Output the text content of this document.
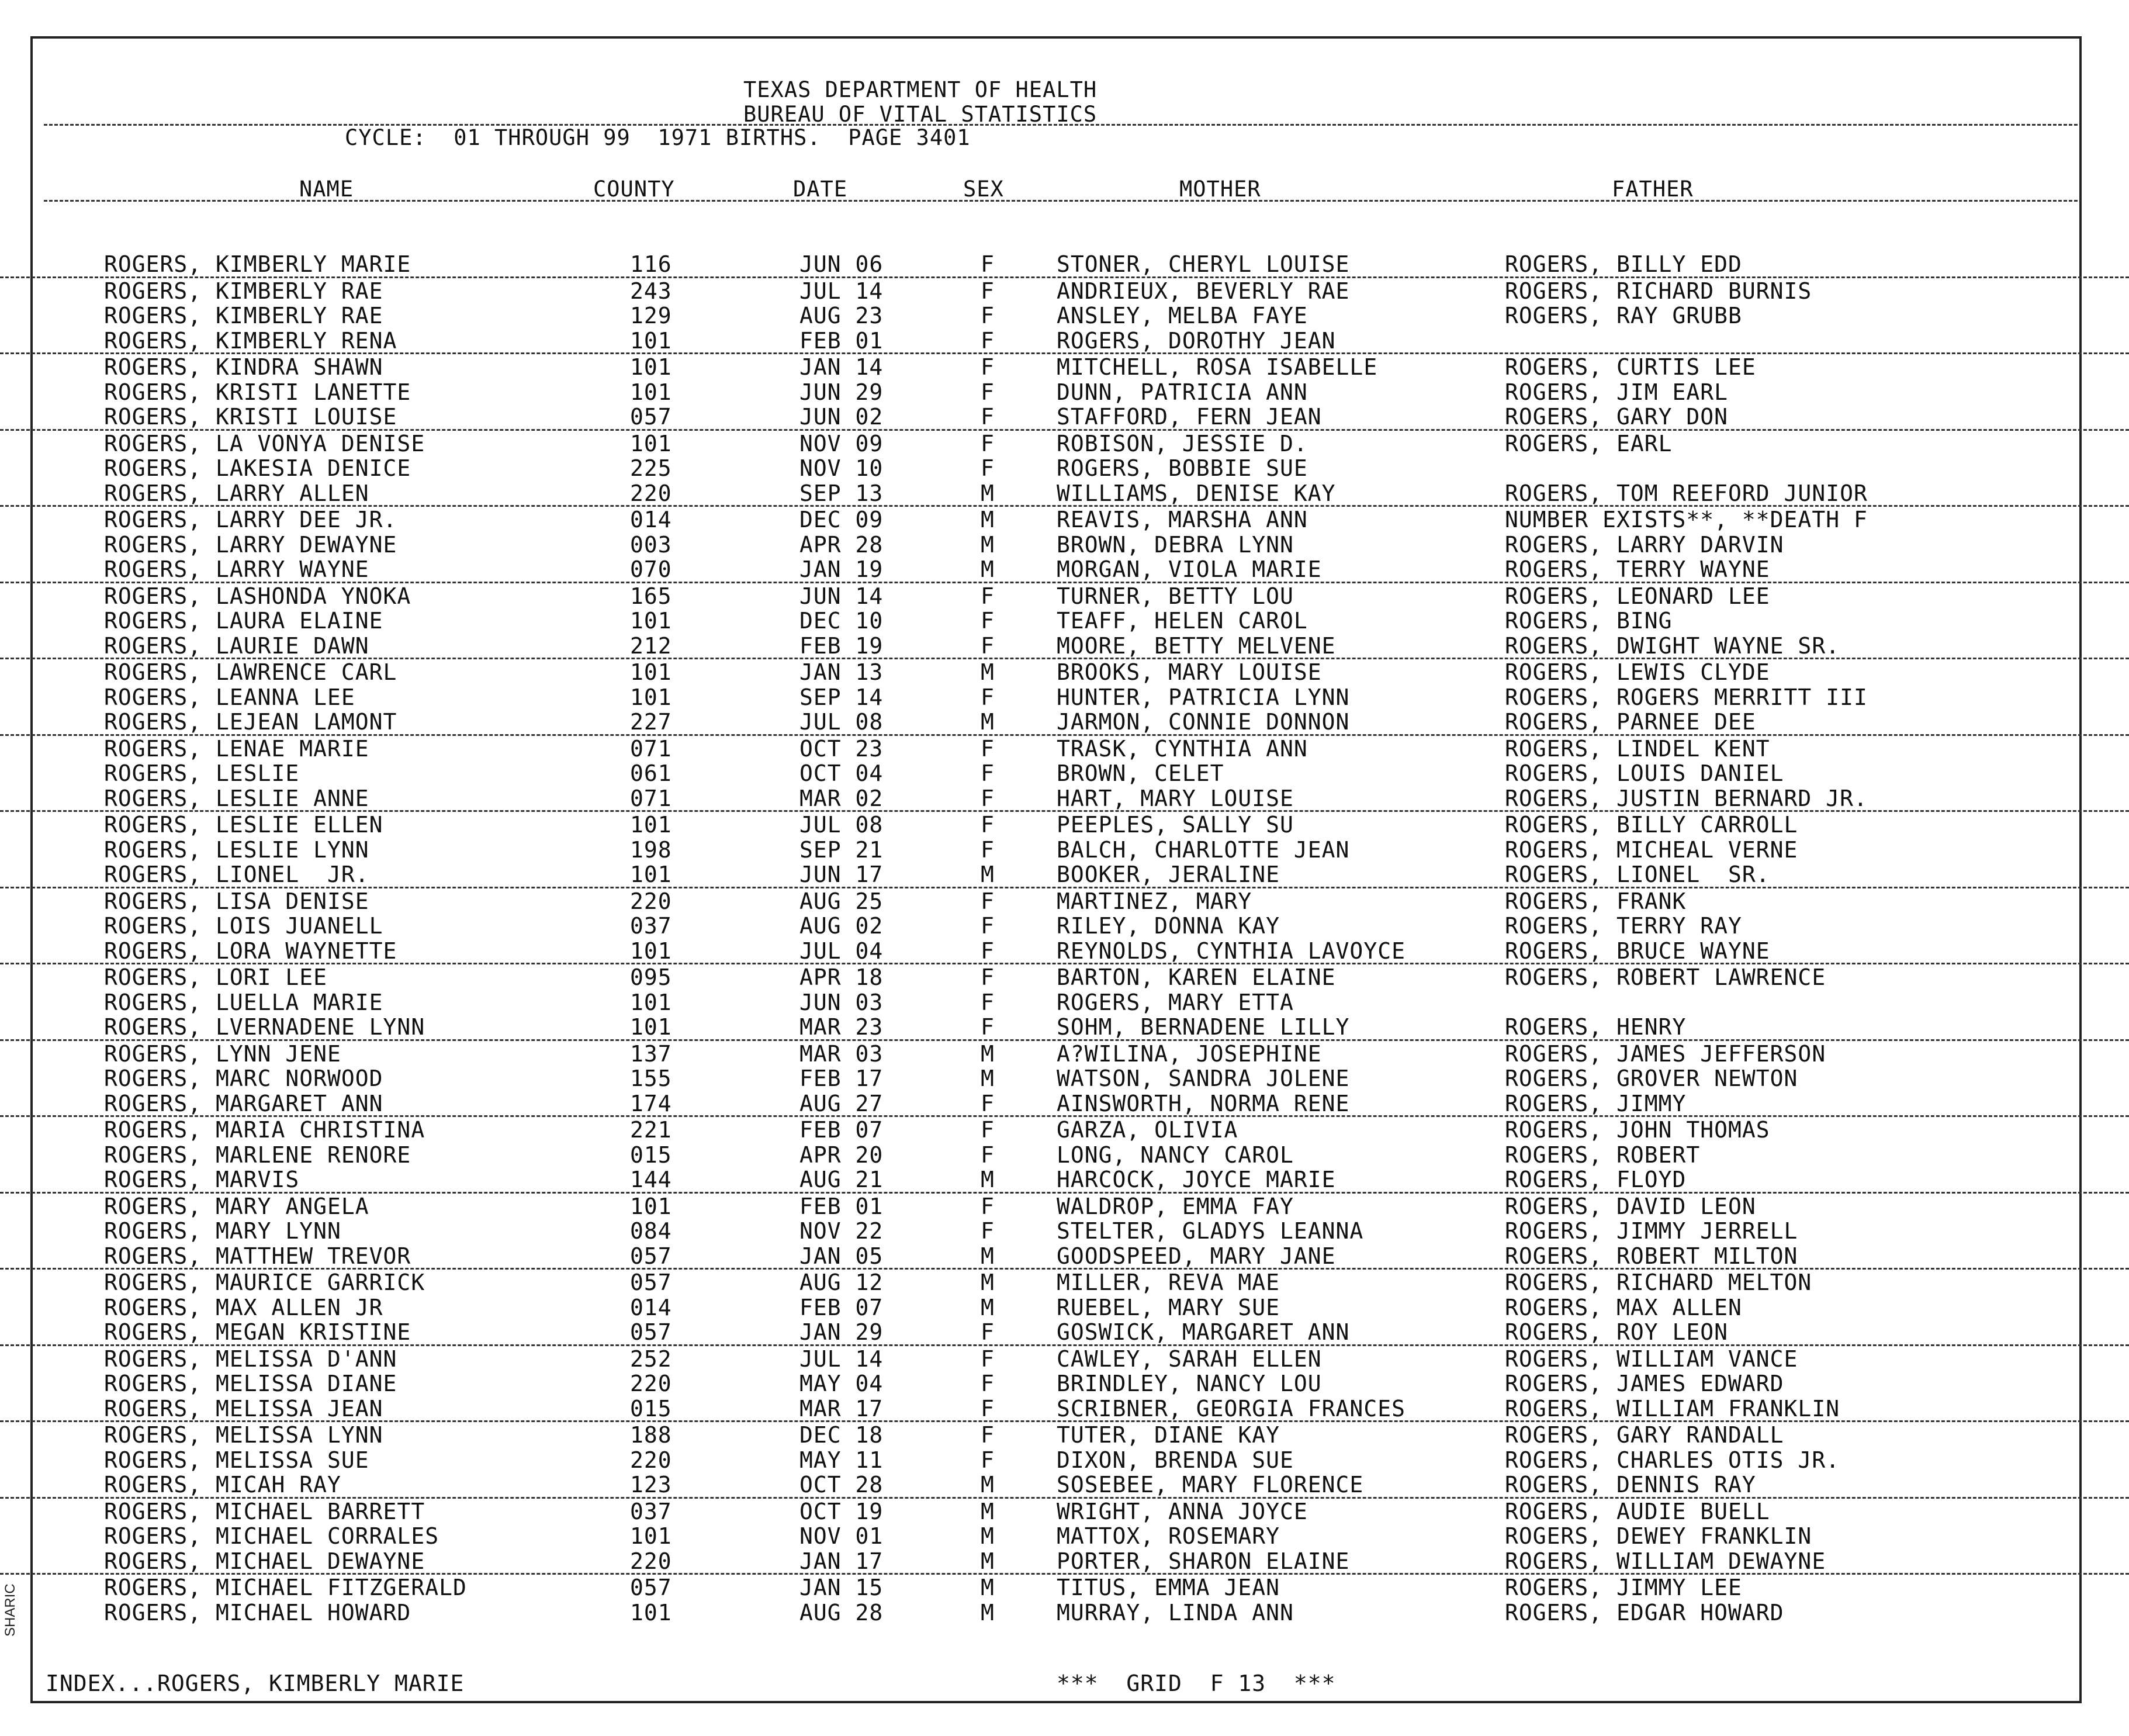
TEXAS DEPARTMENT OF HEALTH
BUREAU OF VITAL STATISTICS
CYCLE:  01 THROUGH 99  1971 BIRTHS.  PAGE 3401
NAME	COUNTY	DATE	SEX	MOTHER	FATHER
ROGERS, KIMBERLY MARIE	116	JUN 06	F	STONER, CHERYL LOUISE	ROGERS, BILLY EDD
ROGERS, KIMBERLY RAE	243	JUL 14	F	ANDRIEUX, BEVERLY RAE	ROGERS, RICHARD BURNIS
ROGERS, KIMBERLY RAE	129	AUG 23	F	ANSLEY, MELBA FAYE	ROGERS, RAY GRUBB
ROGERS, KIMBERLY RENA	101	FEB 01	F	ROGERS, DOROTHY JEAN
ROGERS, KINDRA SHAWN	101	JAN 14	F	MITCHELL, ROSA ISABELLE	ROGERS, CURTIS LEE
ROGERS, KRISTI LANETTE	101	JUN 29	F	DUNN, PATRICIA ANN	ROGERS, JIM EARL
ROGERS, KRISTI LOUISE	057	JUN 02	F	STAFFORD, FERN JEAN	ROGERS, GARY DON
ROGERS, LA VONYA DENISE	101	NOV 09	F	ROBISON, JESSIE D.	ROGERS, EARL
ROGERS, LAKESIA DENICE	225	NOV 10	F	ROGERS, BOBBIE SUE
ROGERS, LARRY ALLEN	220	SEP 13	M	WILLIAMS, DENISE KAY	ROGERS, TOM REEFORD JUNIOR
ROGERS, LARRY DEE JR.	014	DEC 09	M	REAVIS, MARSHA ANN	NUMBER EXISTS**, **DEATH F
ROGERS, LARRY DEWAYNE	003	APR 28	M	BROWN, DEBRA LYNN	ROGERS, LARRY DARVIN
ROGERS, LARRY WAYNE	070	JAN 19	M	MORGAN, VIOLA MARIE	ROGERS, TERRY WAYNE
ROGERS, LASHONDA YNOKA	165	JUN 14	F	TURNER, BETTY LOU	ROGERS, LEONARD LEE
ROGERS, LAURA ELAINE	101	DEC 10	F	TEAFF, HELEN CAROL	ROGERS, BING
ROGERS, LAURIE DAWN	212	FEB 19	F	MOORE, BETTY MELVENE	ROGERS, DWIGHT WAYNE SR.
ROGERS, LAWRENCE CARL	101	JAN 13	M	BROOKS, MARY LOUISE	ROGERS, LEWIS CLYDE
ROGERS, LEANNA LEE	101	SEP 14	F	HUNTER, PATRICIA LYNN	ROGERS, ROGERS MERRITT III
ROGERS, LEJEAN LAMONT	227	JUL 08	M	JARMON, CONNIE DONNON	ROGERS, PARNEE DEE
ROGERS, LENAE MARIE	071	OCT 23	F	TRASK, CYNTHIA ANN	ROGERS, LINDEL KENT
ROGERS, LESLIE	061	OCT 04	F	BROWN, CELET	ROGERS, LOUIS DANIEL
ROGERS, LESLIE ANNE	071	MAR 02	F	HART, MARY LOUISE	ROGERS, JUSTIN BERNARD JR.
ROGERS, LESLIE ELLEN	101	JUL 08	F	PEEPLES, SALLY SU	ROGERS, BILLY CARROLL
ROGERS, LESLIE LYNN	198	SEP 21	F	BALCH, CHARLOTTE JEAN	ROGERS, MICHEAL VERNE
ROGERS, LIONEL  JR.	101	JUN 17	M	BOOKER, JERALINE	ROGERS, LIONEL  SR.
ROGERS, LISA DENISE	220	AUG 25	F	MARTINEZ, MARY	ROGERS, FRANK
ROGERS, LOIS JUANELL	037	AUG 02	F	RILEY, DONNA KAY	ROGERS, TERRY RAY
ROGERS, LORA WAYNETTE	101	JUL 04	F	REYNOLDS, CYNTHIA LAVOYCE	ROGERS, BRUCE WAYNE
ROGERS, LORI LEE	095	APR 18	F	BARTON, KAREN ELAINE	ROGERS, ROBERT LAWRENCE
ROGERS, LUELLA MARIE	101	JUN 03	F	ROGERS, MARY ETTA
ROGERS, LVERNADENE LYNN	101	MAR 23	F	SOHM, BERNADENE LILLY	ROGERS, HENRY
ROGERS, LYNN JENE	137	MAR 03	M	A?WILINA, JOSEPHINE	ROGERS, JAMES JEFFERSON
ROGERS, MARC NORWOOD	155	FEB 17	M	WATSON, SANDRA JOLENE	ROGERS, GROVER NEWTON
ROGERS, MARGARET ANN	174	AUG 27	F	AINSWORTH, NORMA RENE	ROGERS, JIMMY
ROGERS, MARIA CHRISTINA	221	FEB 07	F	GARZA, OLIVIA	ROGERS, JOHN THOMAS
ROGERS, MARLENE RENORE	015	APR 20	F	LONG, NANCY CAROL	ROGERS, ROBERT
ROGERS, MARVIS	144	AUG 21	M	HARCOCK, JOYCE MARIE	ROGERS, FLOYD
ROGERS, MARY ANGELA	101	FEB 01	F	WALDROP, EMMA FAY	ROGERS, DAVID LEON
ROGERS, MARY LYNN	084	NOV 22	F	STELTER, GLADYS LEANNA	ROGERS, JIMMY JERRELL
ROGERS, MATTHEW TREVOR	057	JAN 05	M	GOODSPEED, MARY JANE	ROGERS, ROBERT MILTON
ROGERS, MAURICE GARRICK	057	AUG 12	M	MILLER, REVA MAE	ROGERS, RICHARD MELTON
ROGERS, MAX ALLEN JR	014	FEB 07	M	RUEBEL, MARY SUE	ROGERS, MAX ALLEN
ROGERS, MEGAN KRISTINE	057	JAN 29	F	GOSWICK, MARGARET ANN	ROGERS, ROY LEON
ROGERS, MELISSA D'ANN	252	JUL 14	F	CAWLEY, SARAH ELLEN	ROGERS, WILLIAM VANCE
ROGERS, MELISSA DIANE	220	MAY 04	F	BRINDLEY, NANCY LOU	ROGERS, JAMES EDWARD
ROGERS, MELISSA JEAN	015	MAR 17	F	SCRIBNER, GEORGIA FRANCES	ROGERS, WILLIAM FRANKLIN
ROGERS, MELISSA LYNN	188	DEC 18	F	TUTER, DIANE KAY	ROGERS, GARY RANDALL
ROGERS, MELISSA SUE	220	MAY 11	F	DIXON, BRENDA SUE	ROGERS, CHARLES OTIS JR.
ROGERS, MICAH RAY	123	OCT 28	M	SOSEBEE, MARY FLORENCE	ROGERS, DENNIS RAY
ROGERS, MICHAEL BARRETT	037	OCT 19	M	WRIGHT, ANNA JOYCE	ROGERS, AUDIE BUELL
ROGERS, MICHAEL CORRALES	101	NOV 01	M	MATTOX, ROSEMARY	ROGERS, DEWEY FRANKLIN
ROGERS, MICHAEL DEWAYNE	220	JAN 17	M	PORTER, SHARON ELAINE	ROGERS, WILLIAM DEWAYNE
ROGERS, MICHAEL FITZGERALD	057	JAN 15	M	TITUS, EMMA JEAN	ROGERS, JIMMY LEE
ROGERS, MICHAEL HOWARD	101	AUG 28	M	MURRAY, LINDA ANN	ROGERS, EDGAR HOWARD
INDEX...ROGERS, KIMBERLY MARIE	***  GRID  F 13  ***
SHARIC
